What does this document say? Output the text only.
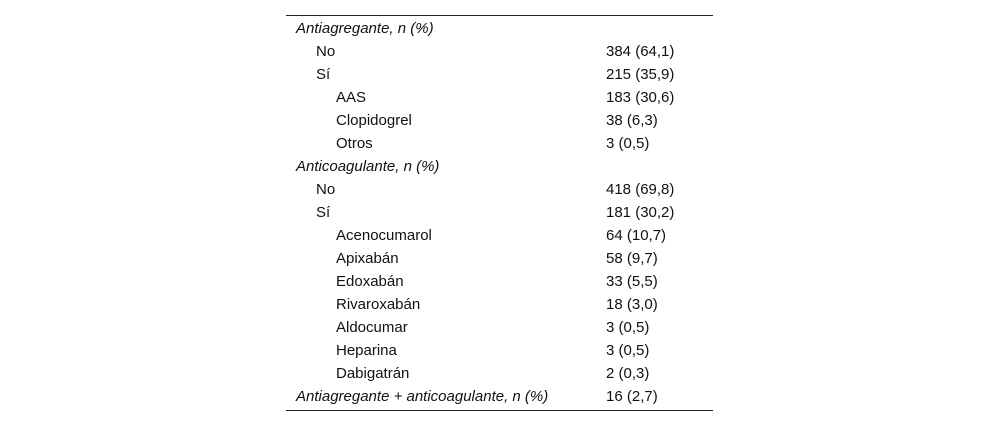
Antiagregante, n (%)
No	384 (64,1)
Sí	215 (35,9)
AAS	183 (30,6)
Clopidogrel	38 (6,3)
Otros	3 (0,5)
Anticoagulante, n (%)
No	418 (69,8)
Sí	181 (30,2)
Acenocumarol	64 (10,7)
Apixabán	58 (9,7)
Edoxabán	33 (5,5)
Rivaroxabán	18 (3,0)
Aldocumar	3 (0,5)
Heparina	3 (0,5)
Dabigatrán	2 (0,3)
Antiagregante + anticoagulante, n (%)	16 (2,7)
